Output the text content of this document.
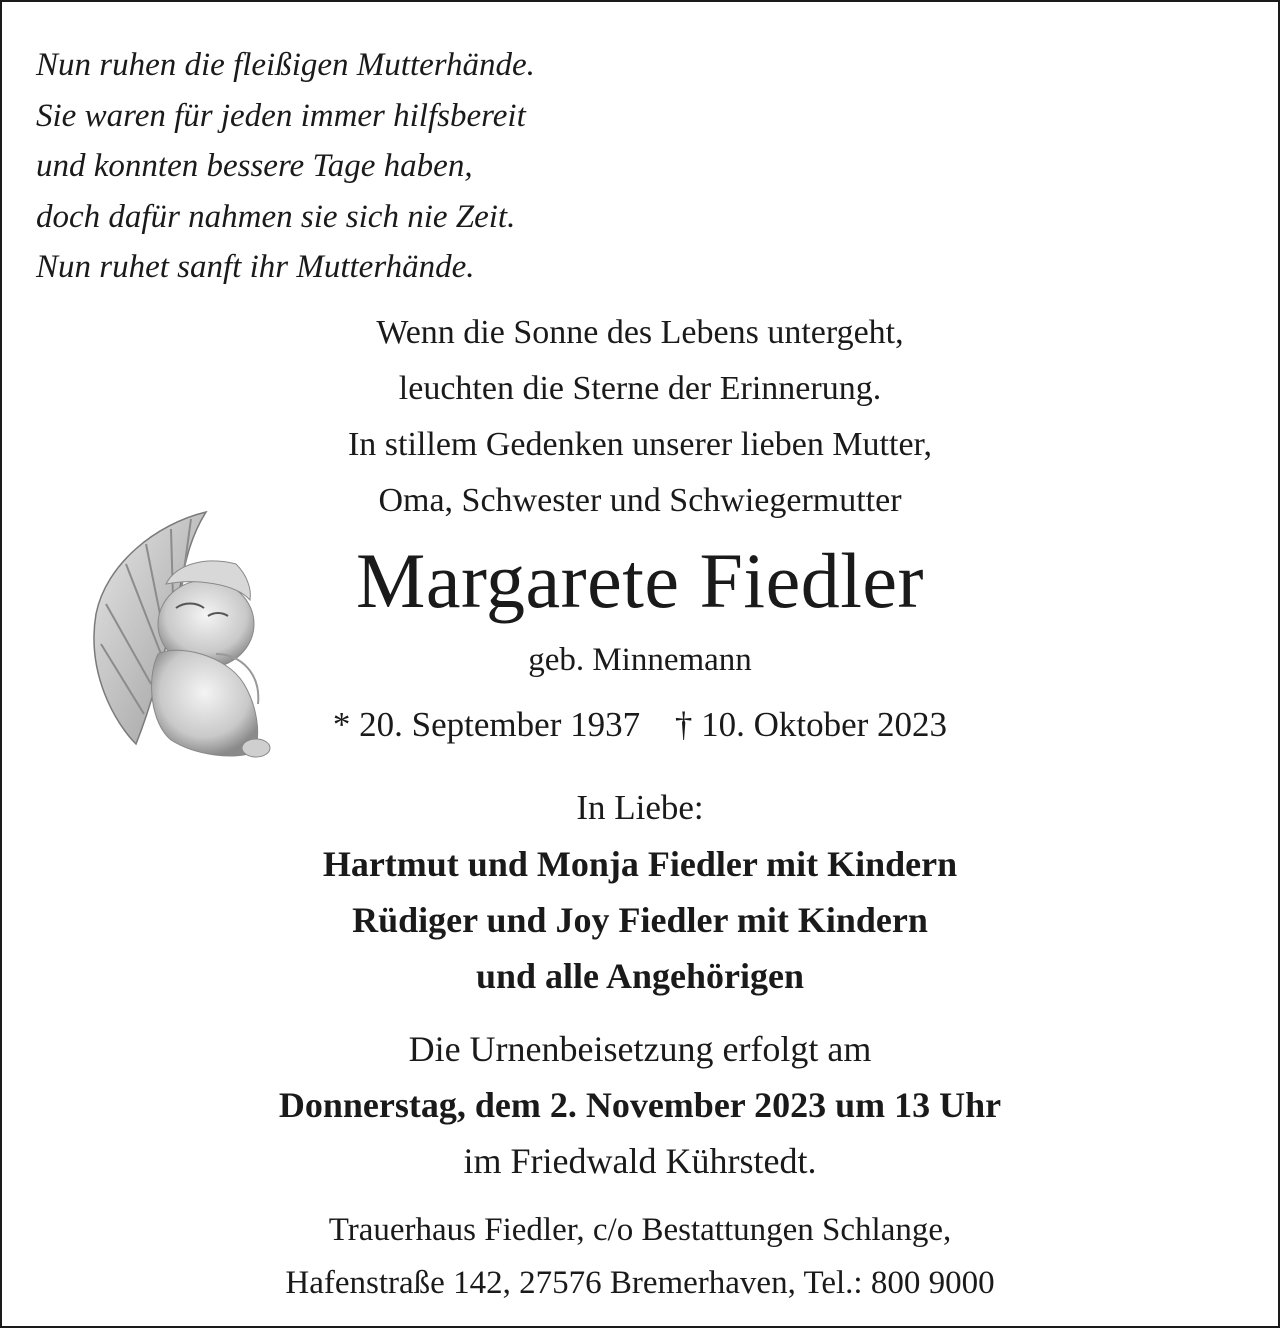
Nun ruhen die fleißigen Mutterhände.
Sie waren für jeden immer hilfsbereit
und konnten bessere Tage haben,
doch dafür nahmen sie sich nie Zeit.
Nun ruhet sanft ihr Mutterhände.
Wenn die Sonne des Lebens untergeht,
leuchten die Sterne der Erinnerung.
In stillem Gedenken unserer lieben Mutter,
Oma, Schwester und Schwiegermutter
Margarete Fiedler
geb. Minnemann
* 20. September 1937 † 10. Oktober 2023
In Liebe:
Hartmut und Monja Fiedler mit Kindern
Rüdiger und Joy Fiedler mit Kindern
und alle Angehörigen
Die Urnenbeisetzung erfolgt am
Donnerstag, dem 2. November 2023 um 13 Uhr
im Friedwald Kührstedt.
Trauerhaus Fiedler, c/o Bestattungen Schlange,
Hafenstraße 142, 27576 Bremerhaven, Tel.: 800 9000
